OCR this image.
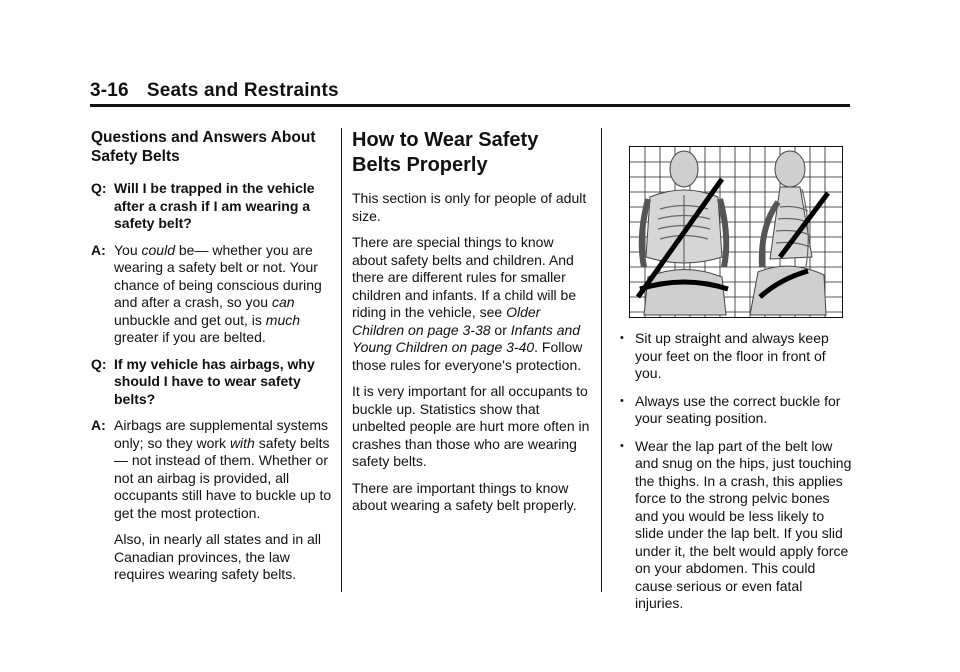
3-16 Seats and Restraints
Questions and Answers About Safety Belts
Q: Will I be trapped in the vehicle after a crash if I am wearing a safety belt?
A: You could be— whether you are wearing a safety belt or not. Your chance of being conscious during and after a crash, so you can unbuckle and get out, is much greater if you are belted.
Q: If my vehicle has airbags, why should I have to wear safety belts?
A: Airbags are supplemental systems only; so they work with safety belts— not instead of them. Whether or not an airbag is provided, all occupants still have to buckle up to get the most protection.

Also, in nearly all states and in all Canadian provinces, the law requires wearing safety belts.

How to Wear Safety Belts Properly

This section is only for people of adult size.

There are special things to know about safety belts and children. And there are different rules for smaller children and infants. If a child will be riding in the vehicle, see Older Children on page 3-38 or Infants and Young Children on page 3-40. Follow those rules for everyone's protection.

It is very important for all occupants to buckle up. Statistics show that unbelted people are hurt more often in crashes than those who are wearing safety belts.

There are important things to know about wearing a safety belt properly.

• Sit up straight and always keep your feet on the floor in front of you.
• Always use the correct buckle for your seating position.
• Wear the lap part of the belt low and snug on the hips, just touching the thighs. In a crash, this applies force to the strong pelvic bones and you would be less likely to slide under the lap belt. If you slid under it, the belt would apply force on your abdomen. This could cause serious or even fatal injuries.
